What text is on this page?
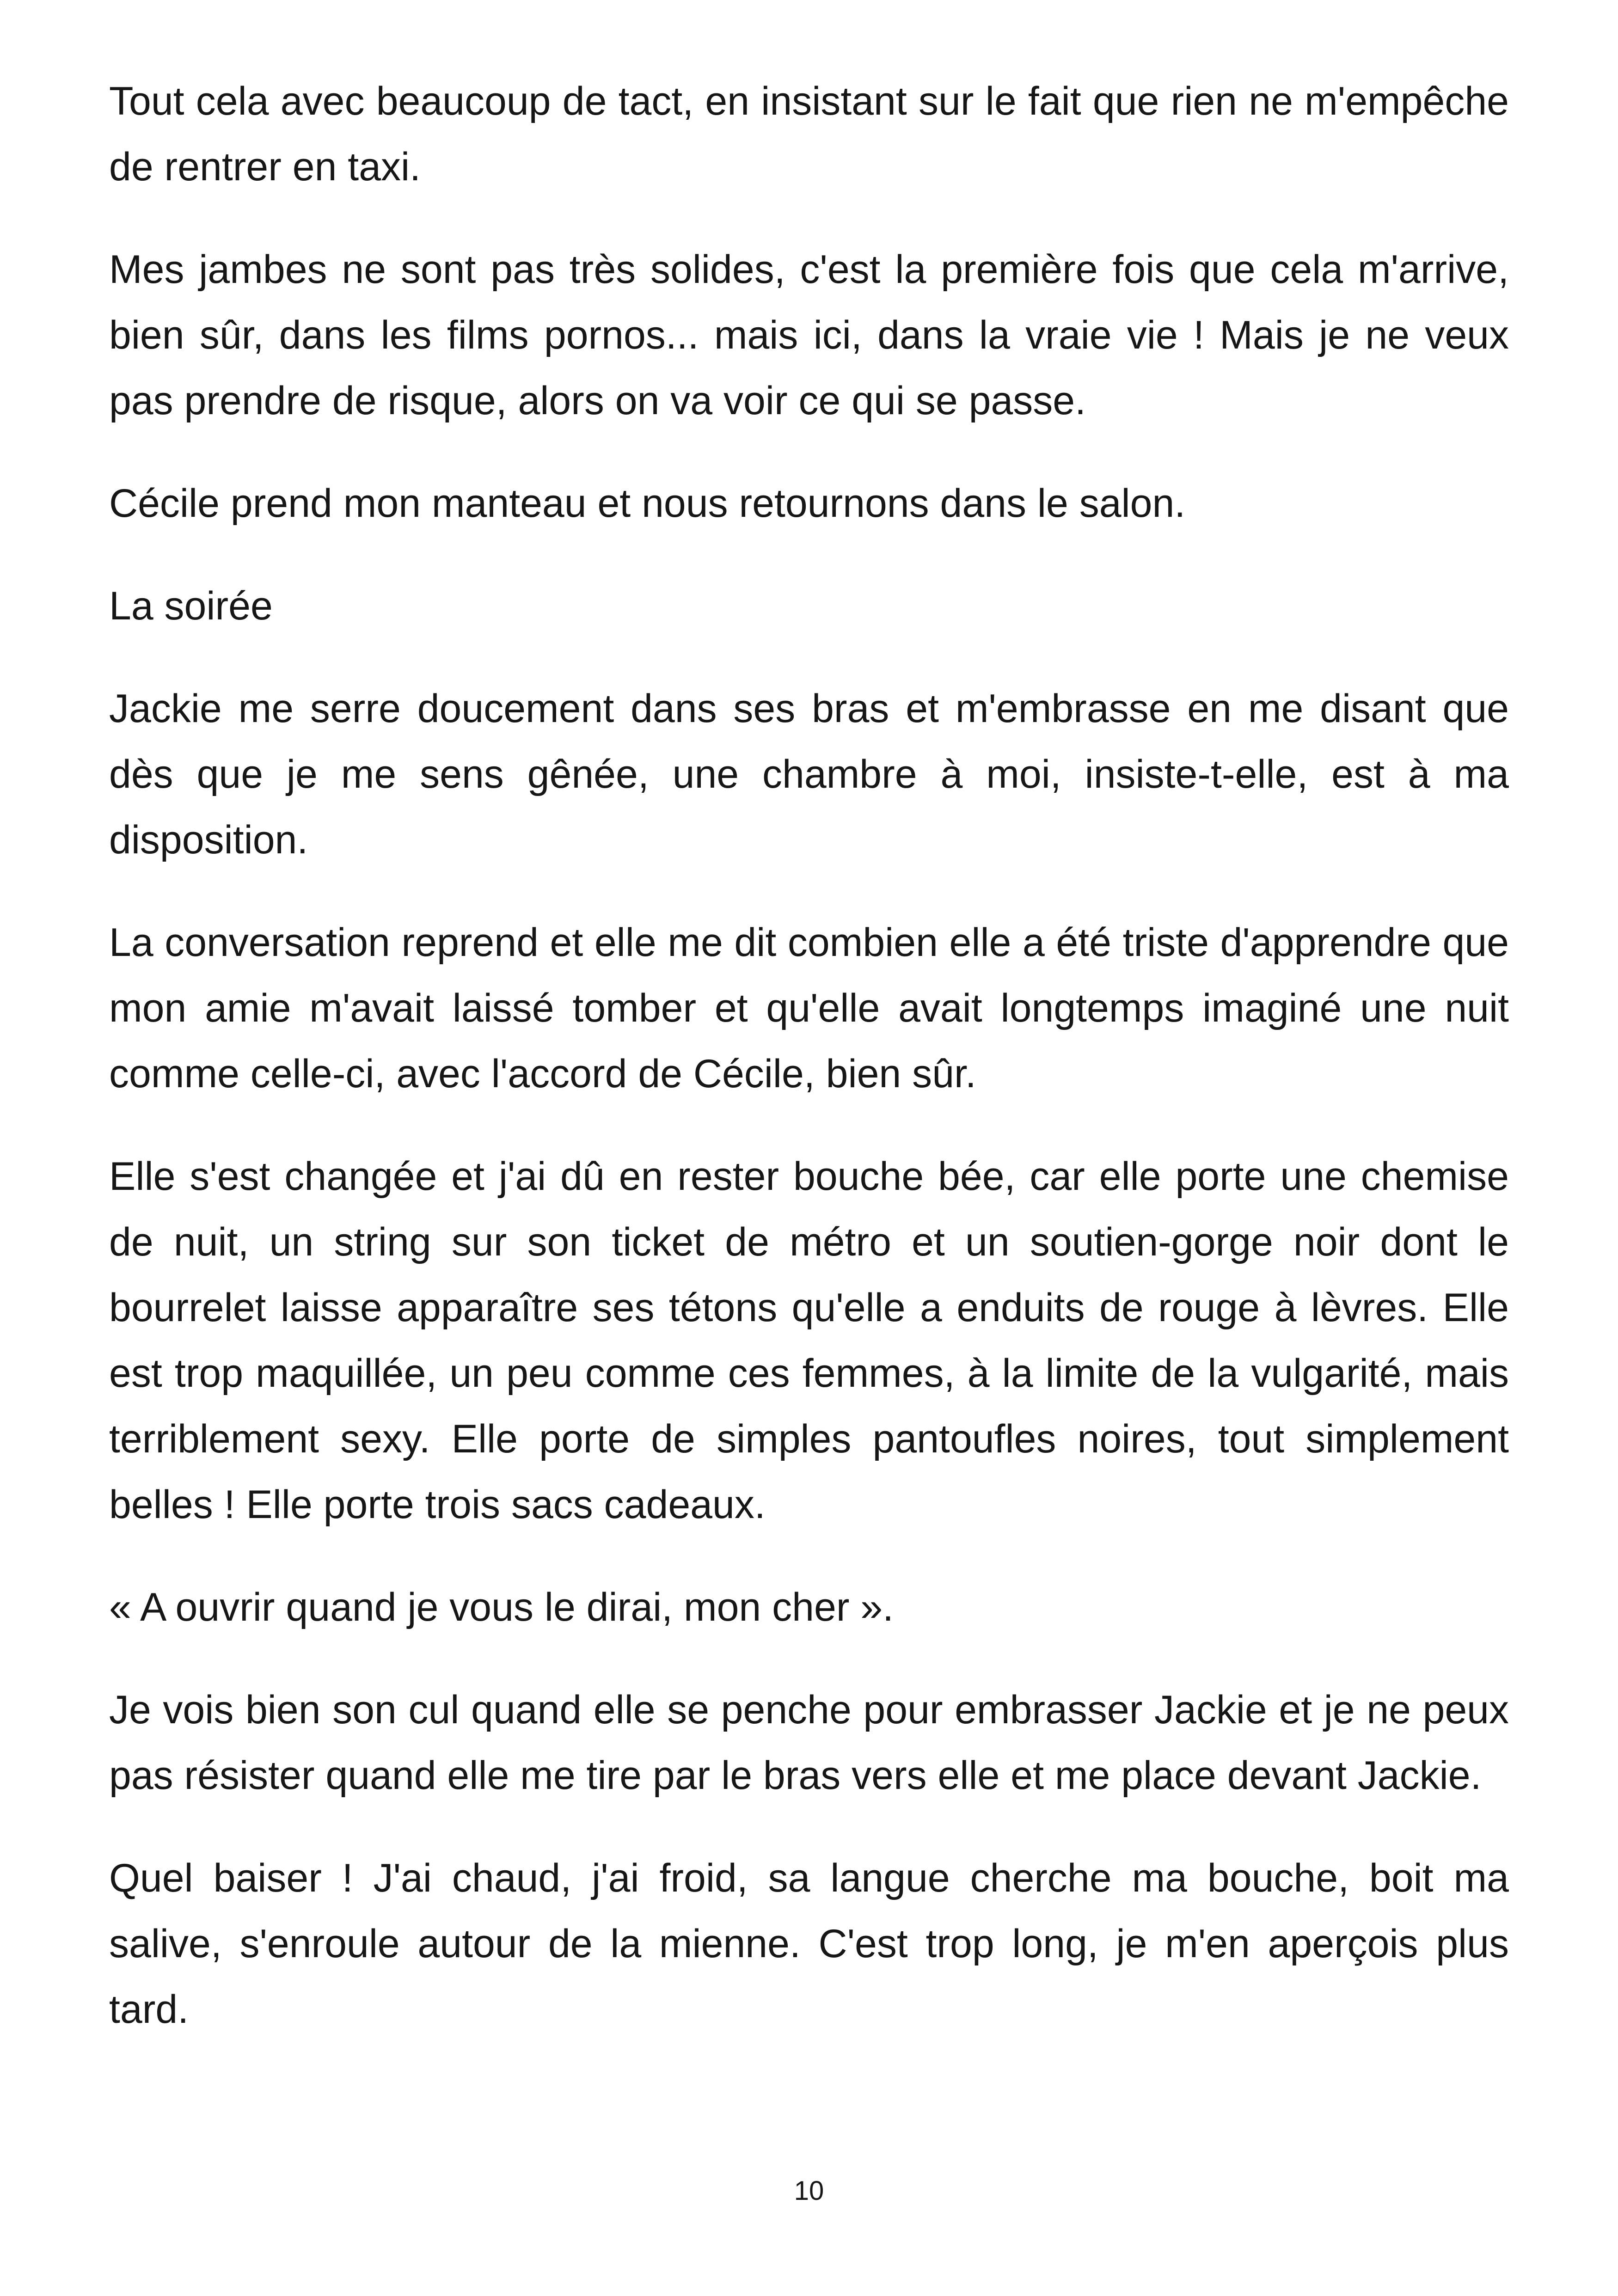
Tout cela avec beaucoup de tact, en insistant sur le fait que rien ne m'empêche de rentrer en taxi.

Mes jambes ne sont pas très solides, c'est la première fois que cela m'arrive, bien sûr, dans les films pornos... mais ici, dans la vraie vie ! Mais je ne veux pas prendre de risque, alors on va voir ce qui se passe.

Cécile prend mon manteau et nous retournons dans le salon.

La soirée

Jackie me serre doucement dans ses bras et m'embrasse en me disant que dès que je me sens gênée, une chambre à moi, insiste-t-elle, est à ma disposition.

La conversation reprend et elle me dit combien elle a été triste d'apprendre que mon amie m'avait laissé tomber et qu'elle avait longtemps imaginé une nuit comme celle-ci, avec l'accord de Cécile, bien sûr.

Elle s'est changée et j'ai dû en rester bouche bée, car elle porte une chemise de nuit, un string sur son ticket de métro et un soutien-gorge noir dont le bourrelet laisse apparaître ses tétons qu'elle a enduits de rouge à lèvres. Elle est trop maquillée, un peu comme ces femmes, à la limite de la vulgarité, mais terriblement sexy. Elle porte de simples pantoufles noires, tout simplement belles ! Elle porte trois sacs cadeaux.

« A ouvrir quand je vous le dirai, mon cher ».

Je vois bien son cul quand elle se penche pour embrasser Jackie et je ne peux pas résister quand elle me tire par le bras vers elle et me place devant Jackie.

Quel baiser ! J'ai chaud, j'ai froid, sa langue cherche ma bouche, boit ma salive, s'enroule autour de la mienne. C'est trop long, je m'en aperçois plus tard.

10
